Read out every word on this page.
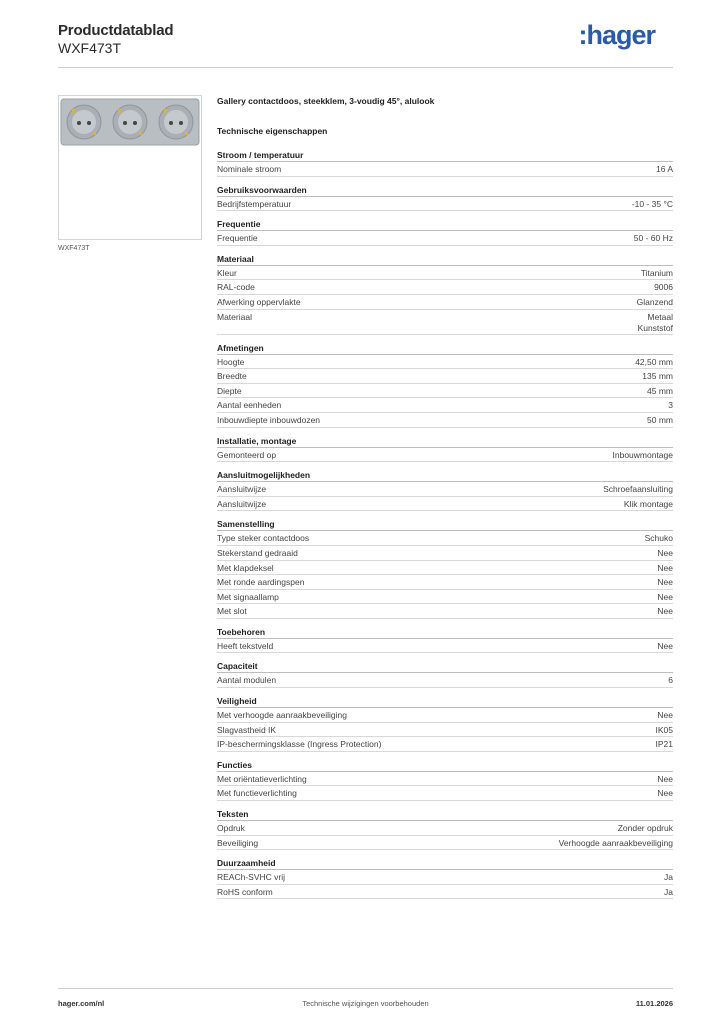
Productdatablad
WXF473T	:hager
WXF473T
Gallery contactdoos, steekklem, 3-voudig 45°, alulook
Technische eigenschappen
Stroom / temperatuur
Nominale stroom	16 A
Gebruiksvoorwaarden
Bedrijfstemperatuur	-10 - 35 °C
Frequentie
Frequentie	50 - 60 Hz
Materiaal
Kleur	Titanium
RAL-code	9006
Afwerking oppervlakte	Glanzend
Materiaal	Metaal
Kunststof
Afmetingen
Hoogte	42,50 mm
Breedte	135 mm
Diepte	45 mm
Aantal eenheden	3
Inbouwdiepte inbouwdozen	50 mm
Installatie, montage
Gemonteerd op	Inbouwmontage
Aansluitmogelijkheden
Aansluitwijze	Schroefaansluiting
Aansluitwijze	Klik montage
Samenstelling
Type steker contactdoos	Schuko
Stekerstand gedraaid	Nee
Met klapdeksel	Nee
Met ronde aardingspen	Nee
Met signaallamp	Nee
Met slot	Nee
Toebehoren
Heeft tekstveld	Nee
Capaciteit
Aantal modulen	6
Veiligheid
Met verhoogde aanraakbeveiliging	Nee
Slagvastheid IK	IK05
IP-beschermingsklasse (Ingress Protection)	IP21
Functies
Met oriëntatieverlichting	Nee
Met functieverlichting	Nee
Teksten
Opdruk	Zonder opdruk
Beveiliging	Verhoogde aanraakbeveiliging
Duurzaamheid
REACh-SVHC vrij	Ja
RoHS conform	Ja
hager.com/nl	Technische wijzigingen voorbehouden	11.01.2026
